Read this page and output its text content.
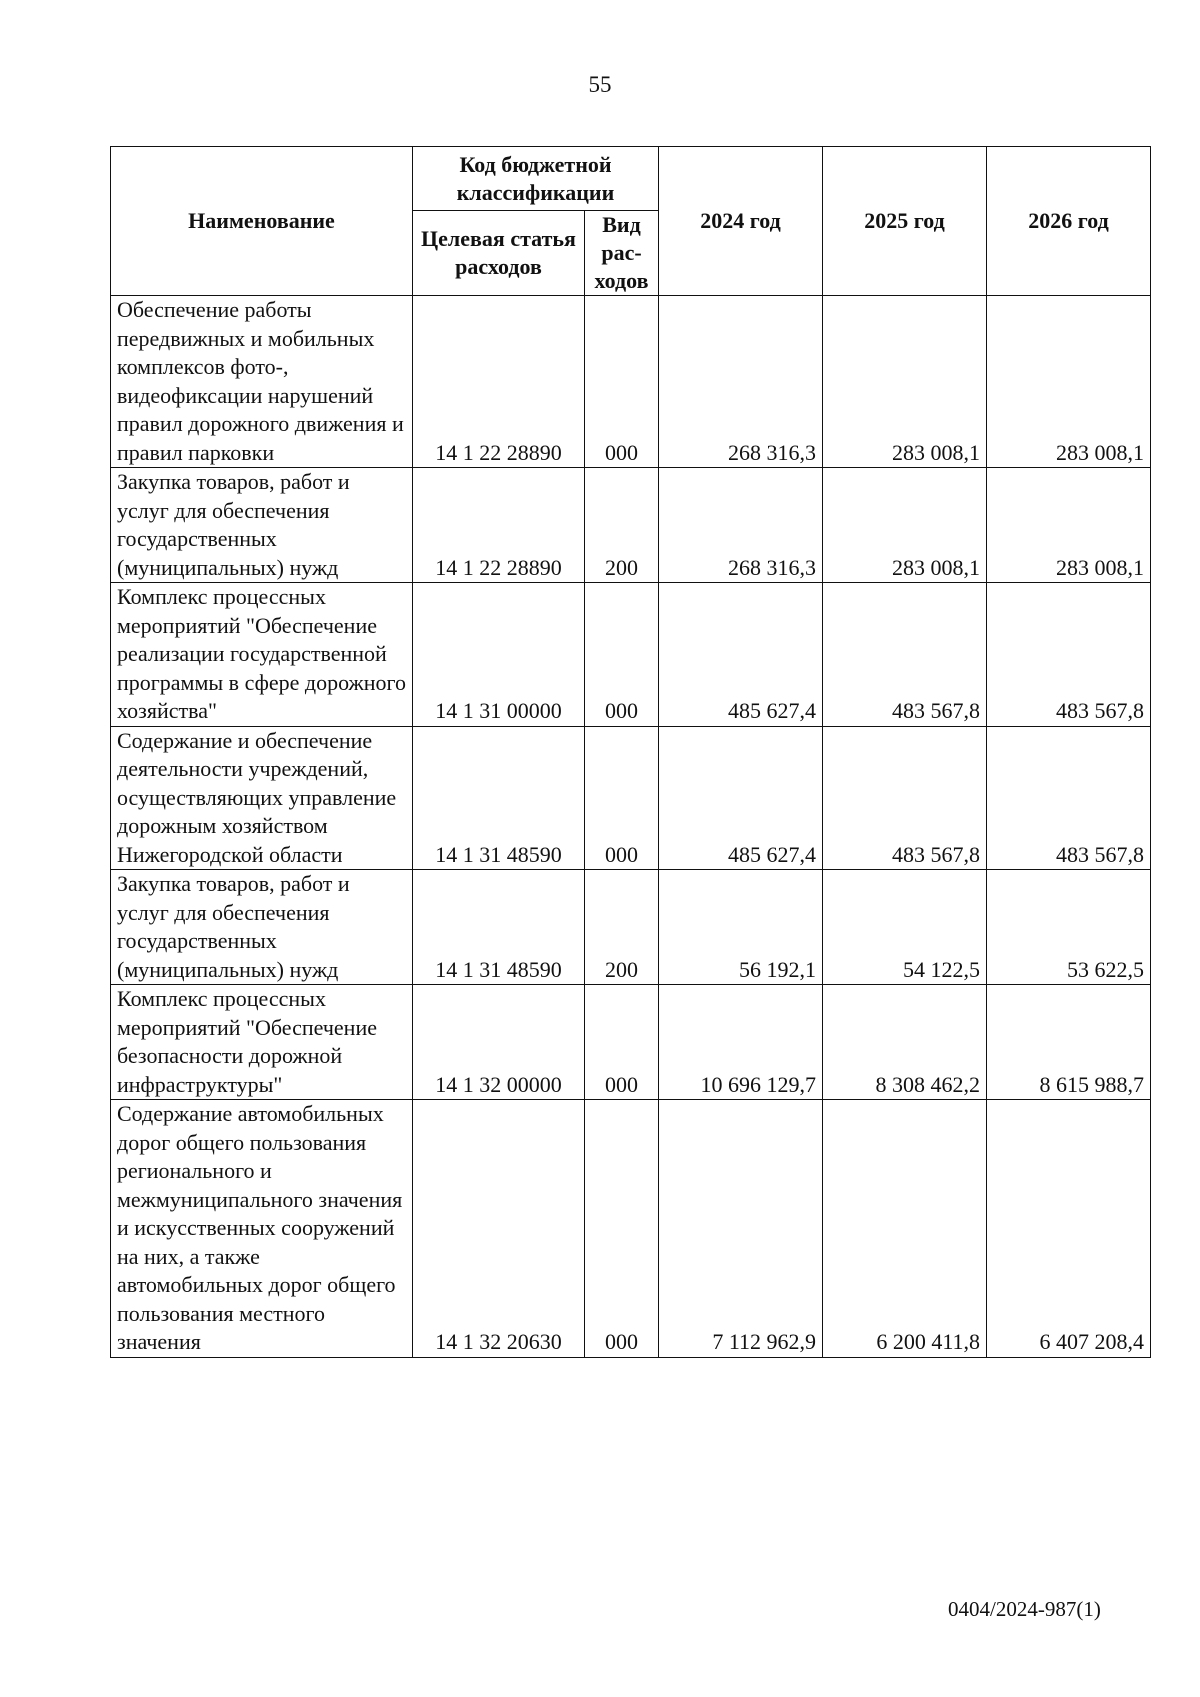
55
Наименование	Код бюджетной классификации		2024 год	2025 год	2026 год
	Целевая статья расходов	Вид рас-ходов			
Обеспечение работы передвижных и мобильных комплексов фото-, видеофиксации нарушений правил дорожного движения и правил парковки	14 1 22 28890	000	268 316,3	283 008,1	283 008,1
Закупка товаров, работ и услуг для обеспечения государственных (муниципальных) нужд	14 1 22 28890	200	268 316,3	283 008,1	283 008,1
Комплекс процессных мероприятий "Обеспечение реализации государственной программы в сфере дорожного хозяйства"	14 1 31 00000	000	485 627,4	483 567,8	483 567,8
Содержание и обеспечение деятельности учреждений, осуществляющих управление дорожным хозяйством Нижегородской области	14 1 31 48590	000	485 627,4	483 567,8	483 567,8
Закупка товаров, работ и услуг для обеспечения государственных (муниципальных) нужд	14 1 31 48590	200	56 192,1	54 122,5	53 622,5
Комплекс процессных мероприятий "Обеспечение безопасности дорожной инфраструктуры"	14 1 32 00000	000	10 696 129,7	8 308 462,2	8 615 988,7
Содержание автомобильных дорог общего пользования регионального и межмуниципального значения и искусственных сооружений на них, а также автомобильных дорог общего пользования местного значения	14 1 32 20630	000	7 112 962,9	6 200 411,8	6 407 208,4
0404/2024-987(1)
